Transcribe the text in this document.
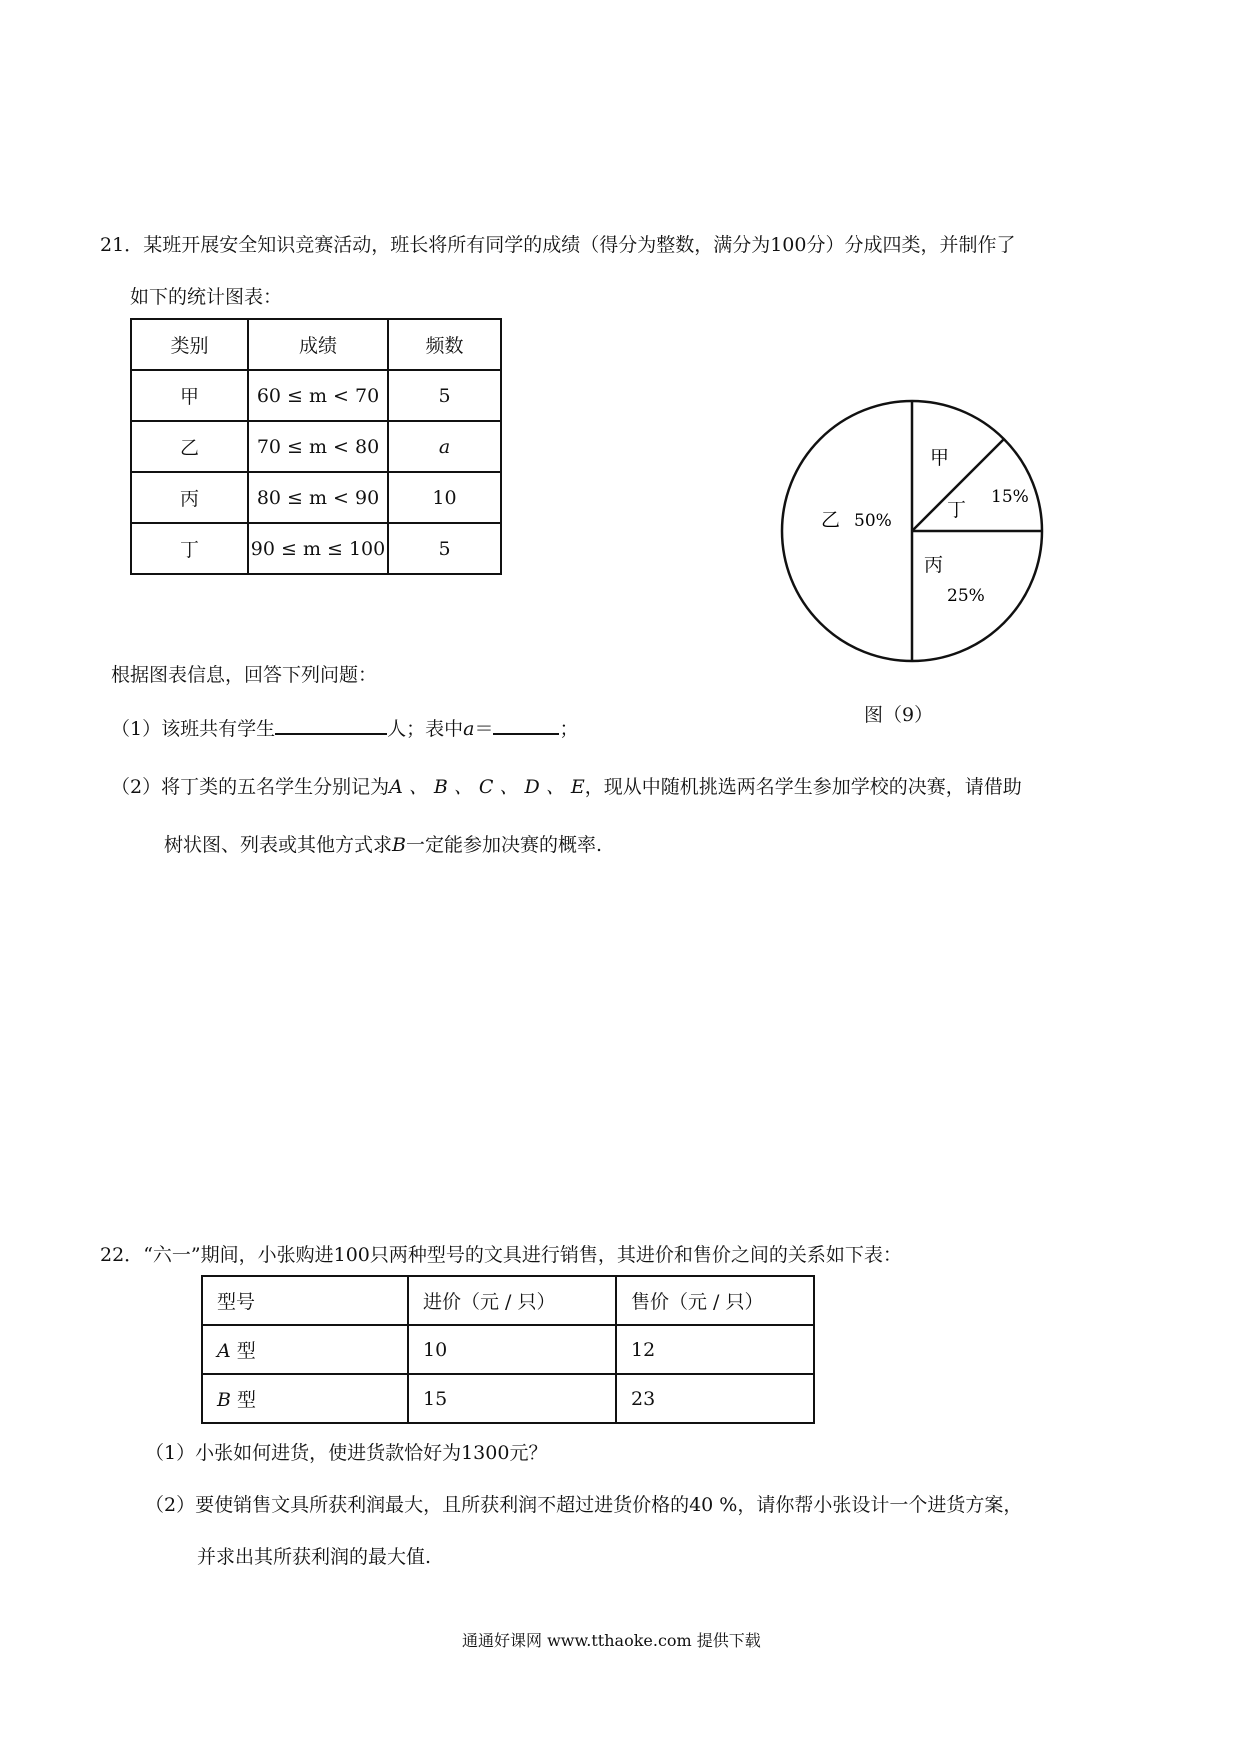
21．某班开展安全知识竞赛活动，班长将所有同学的成绩（得分为整数，满分为100分）分成四类，并制作了
如下的统计图表：
类别	成绩	频数
甲	60 ≤ m < 70	5
乙	70 ≤ m < 80	a
丙	80 ≤ m < 90	10
丁	90 ≤ m ≤ 100	5
甲
丁
15%
乙 50%
丙
25%
图（9）
根据图表信息，回答下列问题：
（1）该班共有学生	人；表中a＝	；
（2）将丁类的五名学生分别记为A 、 B 、 C 、 D 、 E，现从中随机挑选两名学生参加学校的决赛，请借助
树状图、列表或其他方式求B一定能参加决赛的概率.
22．“六一”期间，小张购进100只两种型号的文具进行销售，其进价和售价之间的关系如下表：
型号	进价（元 / 只）	售价（元 / 只）
A 型	10	12
B 型	15	23
（1）小张如何进货，使进货款恰好为1300元？
（2）要使销售文具所获利润最大，且所获利润不超过进货价格的40 %，请你帮小张设计一个进货方案，
并求出其所获利润的最大值.
通通好课网 www.tthaoke.com 提供下载
